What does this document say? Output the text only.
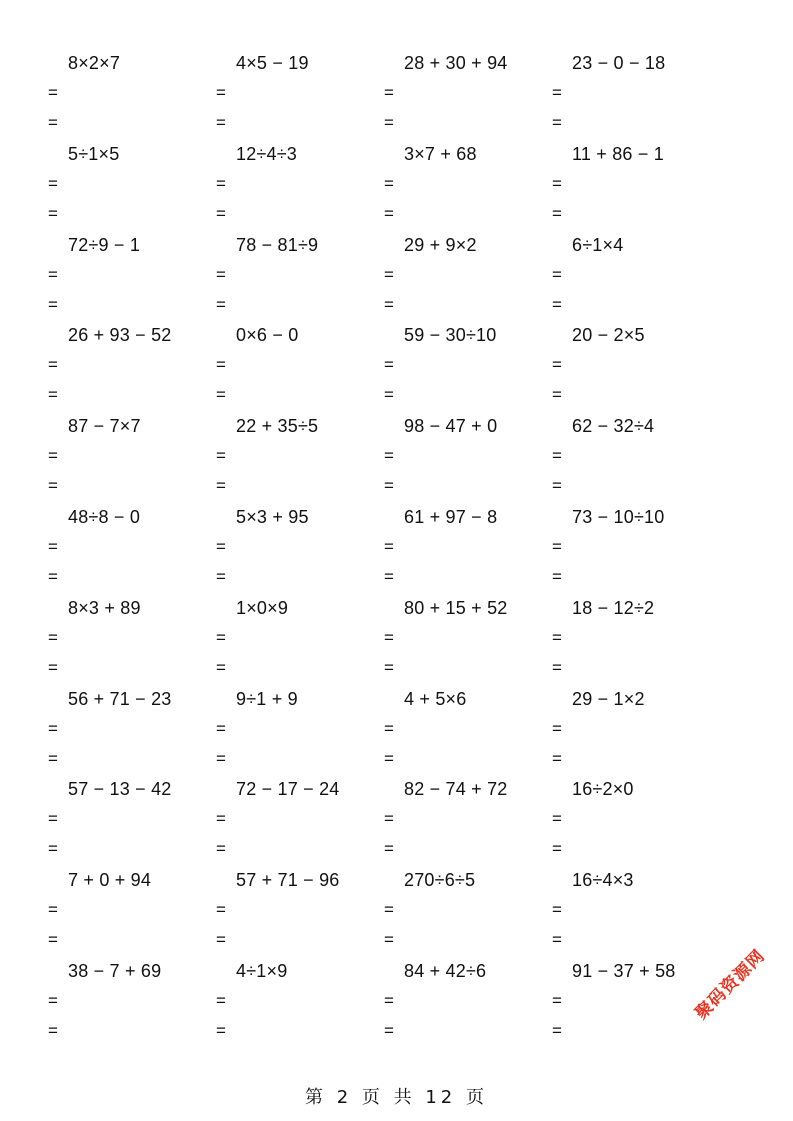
8×2×7
=
=
4×5 − 19
=
=
28 + 30 + 94
=
=
23 − 0 − 18
=
=
5÷1×5
=
=
12÷4÷3
=
=
3×7 + 68
=
=
11 + 86 − 1
=
=
72÷9 − 1
=
=
78 − 81÷9
=
=
29 + 9×2
=
=
6÷1×4
=
=
26 + 93 − 52
=
=
0×6 − 0
=
=
59 − 30÷10
=
=
20 − 2×5
=
=
87 − 7×7
=
=
22 + 35÷5
=
=
98 − 47 + 0
=
=
62 − 32÷4
=
=
48÷8 − 0
=
=
5×3 + 95
=
=
61 + 97 − 8
=
=
73 − 10÷10
=
=
8×3 + 89
=
=
1×0×9
=
=
80 + 15 + 52
=
=
18 − 12÷2
=
=
56 + 71 − 23
=
=
9÷1 + 9
=
=
4 + 5×6
=
=
29 − 1×2
=
=
57 − 13 − 42
=
=
72 − 17 − 24
=
=
82 − 74 + 72
=
=
16÷2×0
=
=
7 + 0 + 94
=
=
57 + 71 − 96
=
=
270÷6÷5
=
=
16÷4×3
=
=
38 − 7 + 69
=
=
4÷1×9
=
=
84 + 42÷6
=
=
91 − 37 + 58
=
=
第 2 页 共 12 页
聚码资源网
